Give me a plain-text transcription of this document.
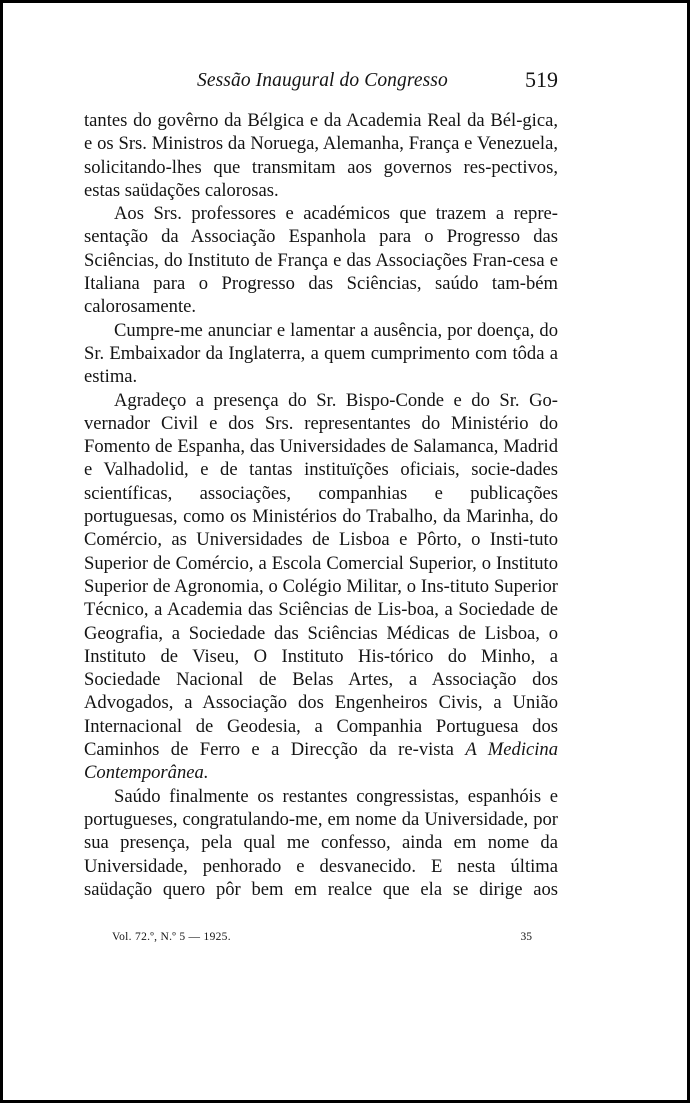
Sessão Inaugural do Congresso	519

tantes do govêrno da Bélgica e da Academia Real da Bél-gica, e os Srs. Ministros da Noruega, Alemanha, França e Venezuela, solicitando-lhes que transmitam aos governos res-pectivos, estas saüdações calorosas.

Aos Srs. professores e académicos que trazem a repre-sentação da Associação Espanhola para o Progresso das Sciências, do Instituto de França e das Associações Fran-cesa e Italiana para o Progresso das Sciências, saúdo tam-bém calorosamente.

Cumpre-me anunciar e lamentar a ausência, por doença, do Sr. Embaixador da Inglaterra, a quem cumprimento com tôda a estima.

Agradeço a presença do Sr. Bispo-Conde e do Sr. Go-vernador Civil e dos Srs. representantes do Ministério do Fomento de Espanha, das Universidades de Salamanca, Madrid e Valhadolid, e de tantas instituïções oficiais, socie-dades scientíficas, associações, companhias e publicações portuguesas, como os Ministérios do Trabalho, da Marinha, do Comércio, as Universidades de Lisboa e Pôrto, o Insti-tuto Superior de Comércio, a Escola Comercial Superior, o Instituto Superior de Agronomia, o Colégio Militar, o Ins-tituto Superior Técnico, a Academia das Sciências de Lis-boa, a Sociedade de Geografia, a Sociedade das Sciências Médicas de Lisboa, o Instituto de Viseu, O Instituto His-tórico do Minho, a Sociedade Nacional de Belas Artes, a Associação dos Advogados, a Associação dos Engenheiros Civis, a União Internacional de Geodesia, a Companhia Portuguesa dos Caminhos de Ferro e a Direcção da re-vista A Medicina Contemporânea.

Saúdo finalmente os restantes congressistas, espanhóis e portugueses, congratulando-me, em nome da Universidade, por sua presença, pela qual me confesso, ainda em nome da Universidade, penhorado e desvanecido. E nesta última saüdação quero pôr bem em realce que ela se dirige aos

Vol. 72.º, N.º 5 — 1925.	35
